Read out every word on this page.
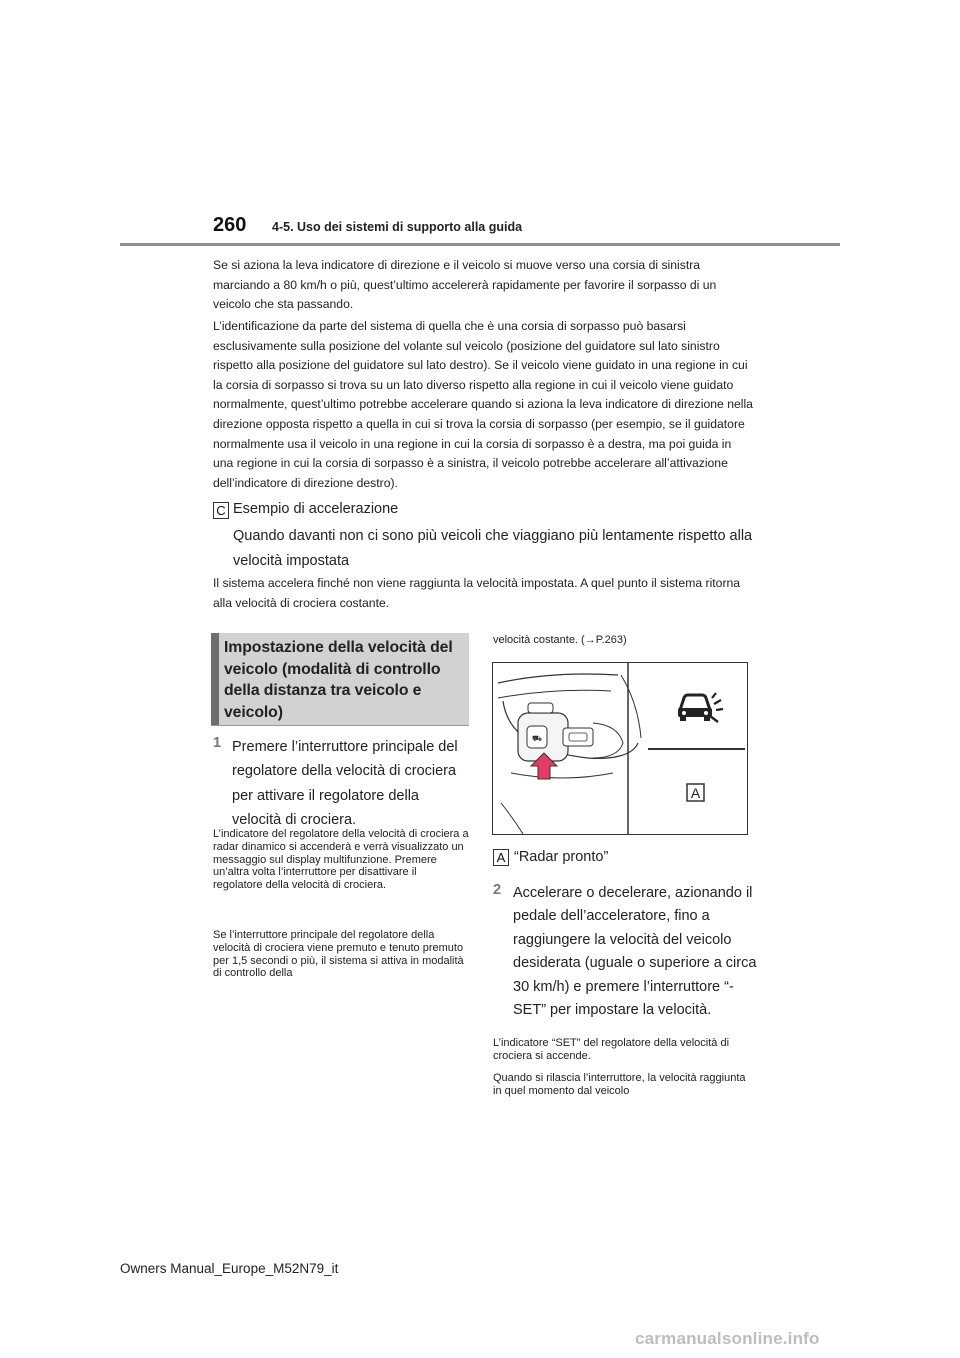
260 4-5. Uso dei sistemi di supporto alla guida
Se si aziona la leva indicatore di direzione e il veicolo si muove verso una corsia di sinistra marciando a 80 km/h o più, quest’ultimo accelererà rapidamente per favorire il sorpasso di un veicolo che sta passando.
L’identificazione da parte del sistema di quella che è una corsia di sorpasso può basarsi esclusivamente sulla posizione del volante sul veicolo (posizione del guidatore sul lato sinistro rispetto alla posizione del guidatore sul lato destro). Se il veicolo viene guidato in una regione in cui la corsia di sorpasso si trova su un lato diverso rispetto alla regione in cui il veicolo viene guidato normalmente, quest’ultimo potrebbe accelerare quando si aziona la leva indicatore di direzione nella direzione opposta rispetto a quella in cui si trova la corsia di sorpasso (per esempio, se il guidatore normalmente usa il veicolo in una regione in cui la corsia di sorpasso è a destra, ma poi guida in una regione in cui la corsia di sorpasso è a sinistra, il veicolo potrebbe accelerare all’attivazione dell’indicatore di direzione destro).
C Esempio di accelerazione
Quando davanti non ci sono più veicoli che viaggiano più lentamente rispetto alla velocità impostata
Il sistema accelera finché non viene raggiunta la velocità impostata. A quel punto il sistema ritorna alla velocità di crociera costante.
Impostazione della velocità del veicolo (modalità di controllo della distanza tra veicolo e veicolo)
1 Premere l’interruttore principale del regolatore della velocità di crociera per attivare il regolatore della velocità di crociera.
L’indicatore del regolatore della velocità di crociera a radar dinamico si accenderà e verrà visualizzato un messaggio sul display multifunzione. Premere un’altra volta l’interruttore per disattivare il regolatore della velocità di crociera.
Se l’interruttore principale del regolatore della velocità di crociera viene premuto e tenuto premuto per 1,5 secondi o più, il sistema si attiva in modalità di controllo della
velocità costante. (→P.263)
⛟
A
A “Radar pronto”
2 Accelerare o decelerare, azionando il pedale dell’acceleratore, fino a raggiungere la velocità del veicolo desiderata (uguale o superiore a circa 30 km/h) e premere l’interruttore “-SET” per impostare la velocità.
L’indicatore “SET” del regolatore della velocità di crociera si accende.
Quando si rilascia l’interruttore, la velocità raggiunta in quel momento dal veicolo
Owners Manual_Europe_M52N79_it
carmanualsonline.info
